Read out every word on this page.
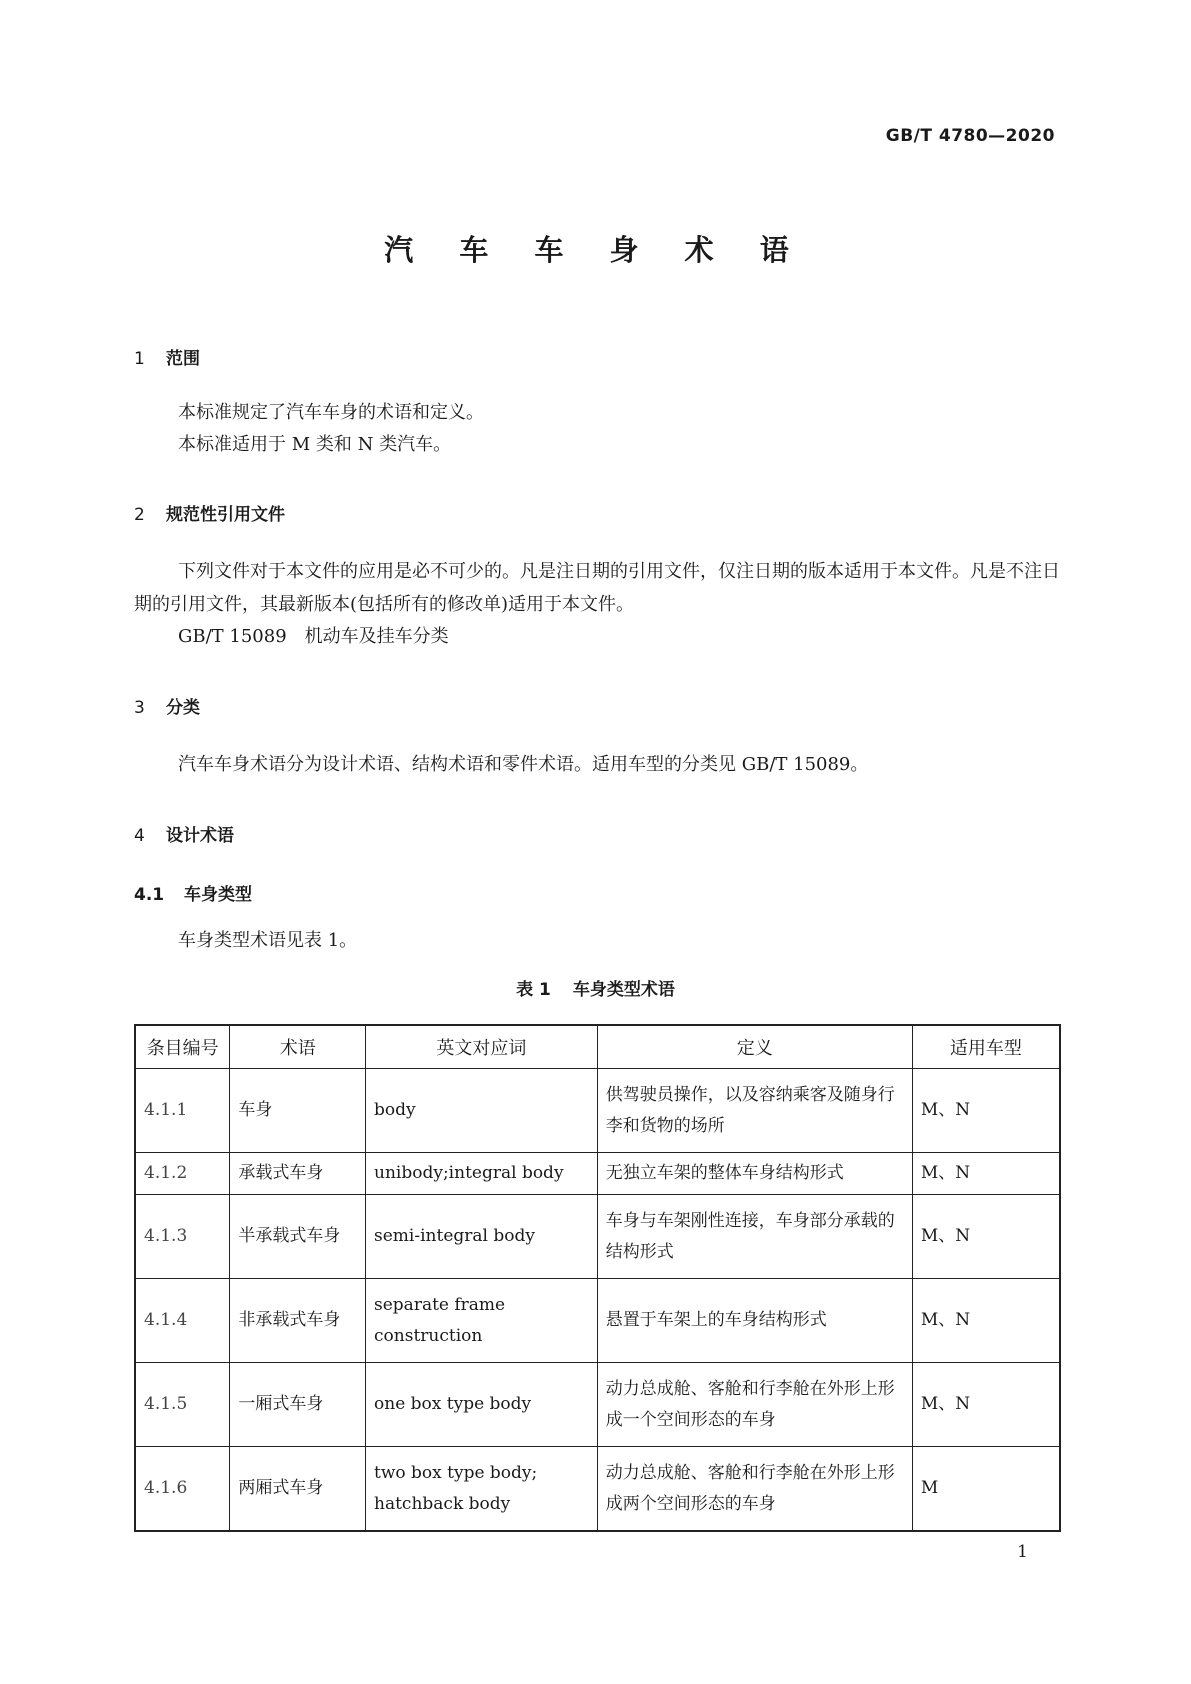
GB/T 4780—2020
汽 车 车 身 术 语
1 范围
本标准规定了汽车车身的术语和定义。
本标准适用于 M 类和 N 类汽车。
2 规范性引用文件
下列文件对于本文件的应用是必不可少的。凡是注日期的引用文件，仅注日期的版本适用于本文件。凡是不注日期的引用文件，其最新版本(包括所有的修改单)适用于本文件。
GB/T 15089　机动车及挂车分类
3 分类
汽车车身术语分为设计术语、结构术语和零件术语。适用车型的分类见 GB/T 15089。
4 设计术语
4.1 车身类型
车身类型术语见表 1。
表 1 车身类型术语
条目编号	术语	英文对应词	定义	适用车型
4.1.1	车身	body	供驾驶员操作，以及容纳乘客及随身行李和货物的场所	M、N
4.1.2	承载式车身	unibody;integral body	无独立车架的整体车身结构形式	M、N
4.1.3	半承载式车身	semi-integral body	车身与车架刚性连接，车身部分承载的结构形式	M、N
4.1.4	非承载式车身	separate frame construction	悬置于车架上的车身结构形式	M、N
4.1.5	一厢式车身	one box type body	动力总成舱、客舱和行李舱在外形上形成一个空间形态的车身	M、N
4.1.6	两厢式车身	two box type body; hatchback body	动力总成舱、客舱和行李舱在外形上形成两个空间形态的车身	M
1
